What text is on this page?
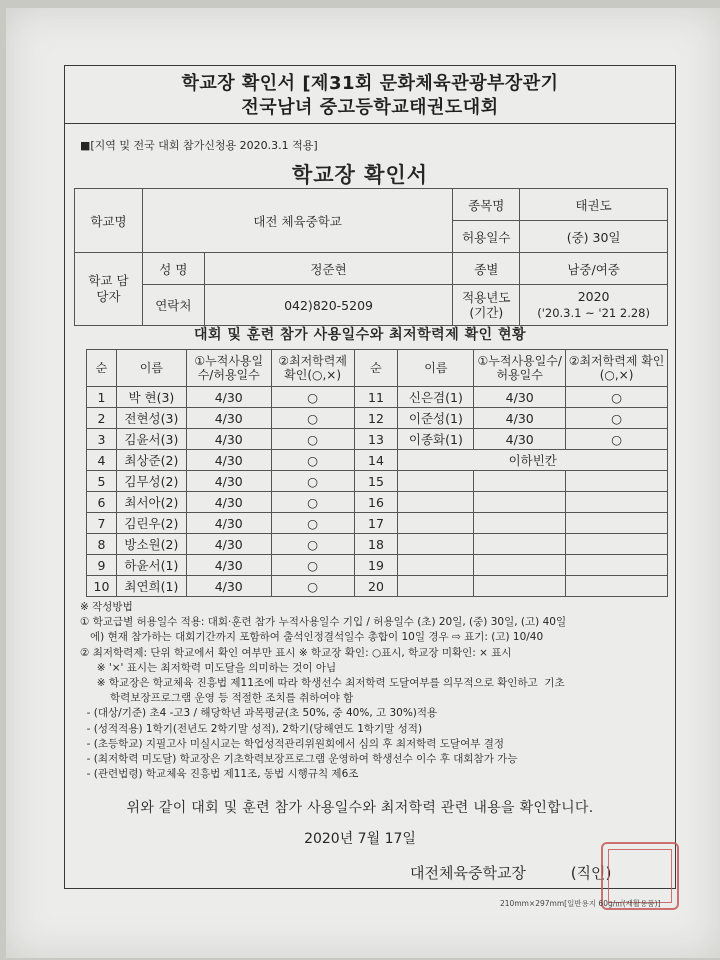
학교장 확인서 [제31회 문화체육관광부장관기
전국남녀 중고등학교태권도대회
■[지역 및 전국 대회 참가신청용 2020.3.1 적용]
학교장 확인서
학교명	대전 체육중학교		종목명	태권도
			허용일수	(중) 30일
학교 담당자	성 명	정준현	종별	남중/여중
	연락처	042)820-5209	적용년도 (기간)	2020
('20.3.1 ~ '21 2.28)
대회 및 훈련 참가 사용일수와 최저학력제 확인 현황
순	이름	①누적사용일수/허용일수	②최저학력제 확인(○,×)	순	이름	①누적사용일수/허용일수	②최저학력제 확인(○,×)
1	박 현(3)	4/30	○	11	신은겸(1)	4/30	○
2	전현성(3)	4/30	○	12	이준성(1)	4/30	○
3	김윤서(3)	4/30	○	13	이종화(1)	4/30	○
4	최상준(2)	4/30	○	14	이하빈칸		
5	김무성(2)	4/30	○	15			
6	최서아(2)	4/30	○	16			
7	김린우(2)	4/30	○	17			
8	방소원(2)	4/30	○	18			
9	하윤서(1)	4/30	○	19			
10	최연희(1)	4/30	○	20			
※ 작성방법
① 학교급별 허용일수 적용: 대회·훈련 참가 누적사용일수 기입 / 허용일수 (초) 20일, (중) 30일, (고) 40일
에) 현재 참가하는 대회기간까지 포함하여 출석인정결석일수 총합이 10일 경우 ⇨ 표기: (고) 10/40
② 최저학력제: 단위 학교에서 확인 여부만 표시 ※ 학교장 확인: ○표시, 학교장 미확인: × 표시
※ '×' 표시는 최저학력 미도달을 의미하는 것이 아님
※ 학교장은 학교체육 진흥법 제11조에 따라 학생선수 최저학력 도달여부를 의무적으로 확인하고  기초
학력보장프로그램 운영 등 적절한 조치를 취하여야 함
- (대상/기준) 초4 -고3 / 해당학년 과목평균(초 50%, 중 40%, 고 30%)적용
- (성적적용) 1학기(전년도 2학기말 성적), 2학기(당해연도 1학기말 성적)
- (초등학교) 지필고사 미실시교는 학업성적관리위원회에서 심의 후 최저학력 도달여부 결정
- (최저학력 미도달) 학교장은 기초학력보장프로그램 운영하여 학생선수 이수 후 대회참가 가능
- (관련법령) 학교체육 진흥법 제11조, 동법 시행규칙 제6조
위와 같이 대회 및 훈련 참가 사용일수와 최저학력 관련 내용을 확인합니다.
2020년 7월 17일
대전체육중학교장	(직인)
210mm×297mm[일반용지 60g/㎡(재활용품)]
